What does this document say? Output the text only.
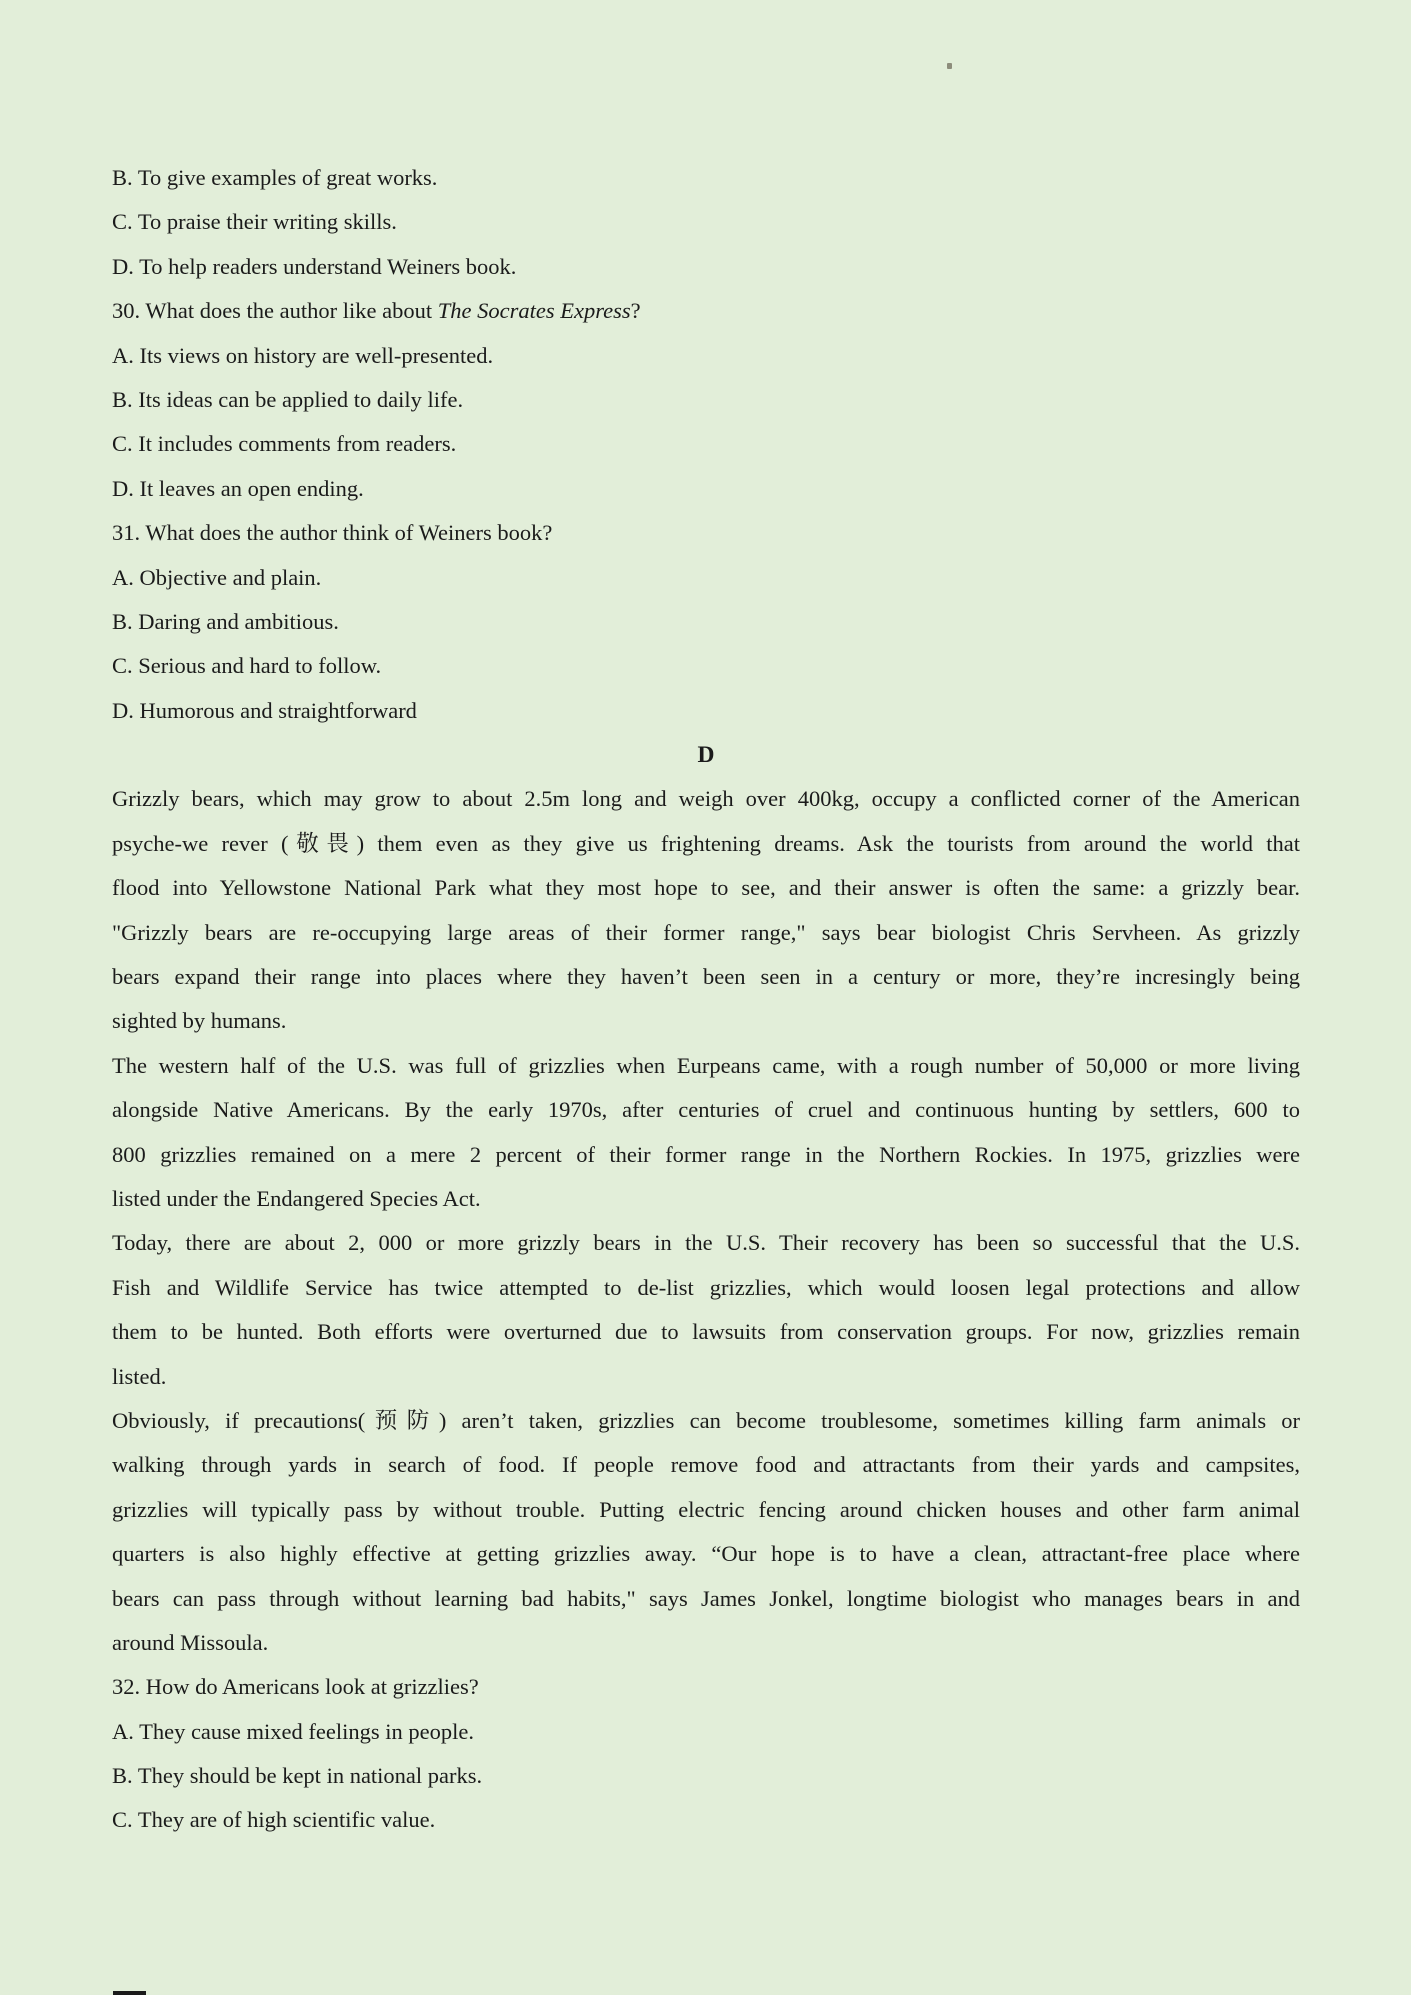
B. To give examples of great works.
C. To praise their writing skills.
D. To help readers understand Weiners book.
30. What does the author like about The Socrates Express?
A. Its views on history are well-presented.
B. Its ideas can be applied to daily life.
C. It includes comments from readers.
D. It leaves an open ending.
31. What does the author think of Weiners book?
A. Objective and plain.
B. Daring and ambitious.
C. Serious and hard to follow.
D. Humorous and straightforward
D
Grizzly bears, which may grow to about 2.5m long and weigh over 400kg, occupy a conflicted corner of the American
psyche-we rever (敬畏) them even as they give us frightening dreams. Ask the tourists from around the world that
flood into Yellowstone National Park what they most hope to see, and their answer is often the same: a grizzly bear.
"Grizzly bears are re-occupying large areas of their former range," says bear biologist Chris Servheen. As grizzly
bears expand their range into places where they haven’t been seen in a century or more, they’re incresingly being
sighted by humans.
The western half of the U.S. was full of grizzlies when Eurpeans came, with a rough number of 50,000 or more living
alongside Native Americans. By the early 1970s, after centuries of cruel and continuous hunting by settlers, 600 to
800 grizzlies remained on a mere 2 percent of their former range in the Northern Rockies. In 1975, grizzlies were
listed under the Endangered Species Act.
Today, there are about 2, 000 or more grizzly bears in the U.S. Their recovery has been so successful that the U.S.
Fish and Wildlife Service has twice attempted to de-list grizzlies, which would loosen legal protections and allow
them to be hunted. Both efforts were overturned due to lawsuits from conservation groups. For now, grizzlies remain
listed.
Obviously, if precautions(预防) aren’t taken, grizzlies can become troublesome, sometimes killing farm animals or
walking through yards in search of food. If people remove food and attractants from their yards and campsites,
grizzlies will typically pass by without trouble. Putting electric fencing around chicken houses and other farm animal
quarters is also highly effective at getting grizzlies away. “Our hope is to have a clean, attractant-free place where
bears can pass through without learning bad habits," says James Jonkel, longtime biologist who manages bears in and
around Missoula.
32. How do Americans look at grizzlies?
A. They cause mixed feelings in people.
B. They should be kept in national parks.
C. They are of high scientific value.
